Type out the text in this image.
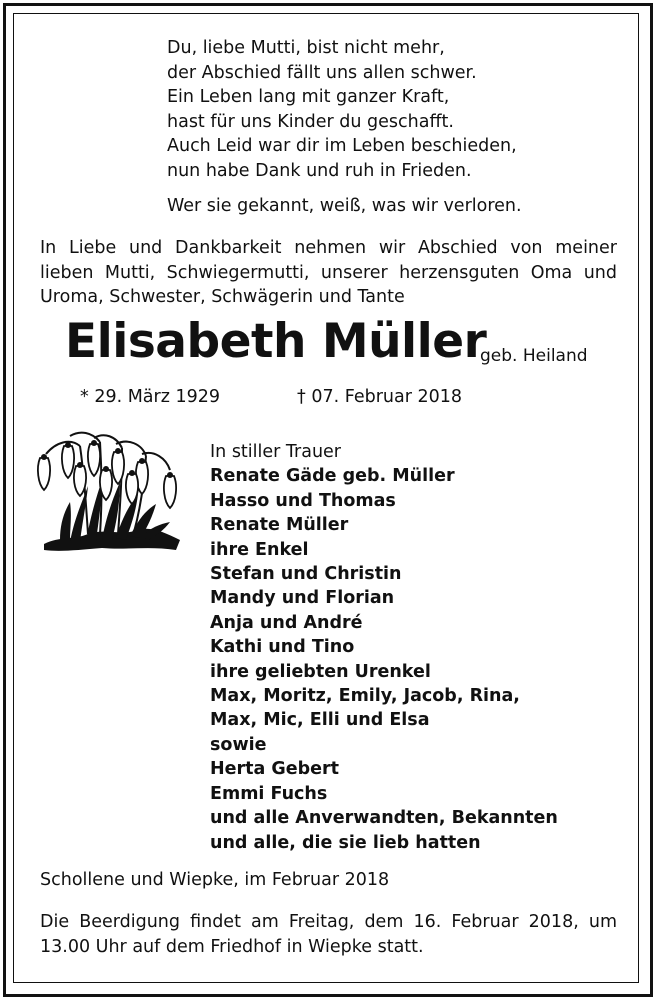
Du, liebe Mutti, bist nicht mehr,
der Abschied fällt uns allen schwer.
Ein Leben lang mit ganzer Kraft,
hast für uns Kinder du geschafft.
Auch Leid war dir im Leben beschieden,
nun habe Dank und ruh in Frieden.
Wer sie gekannt, weiß, was wir verloren.
In Liebe und Dankbarkeit nehmen wir Abschied von meiner
lieben Mutti, Schwiegermutti, unserer herzensguten Oma und
Uroma, Schwester, Schwägerin und Tante
Elisabeth Müller
geb. Heiland
* 29. März 1929	† 07. Februar 2018
In stiller Trauer
Renate Gäde geb. Müller
Hasso und Thomas
Renate Müller
ihre Enkel
Stefan und Christin
Mandy und Florian
Anja und André
Kathi und Tino
ihre geliebten Urenkel
Max, Moritz, Emily, Jacob, Rina,
Max, Mic, Elli und Elsa
sowie
Herta Gebert
Emmi Fuchs
und alle Anverwandten, Bekannten
und alle, die sie lieb hatten
Schollene und Wiepke, im Februar 2018
Die Beerdigung findet am Freitag, dem 16. Februar 2018, um
13.00 Uhr auf dem Friedhof in Wiepke statt.
